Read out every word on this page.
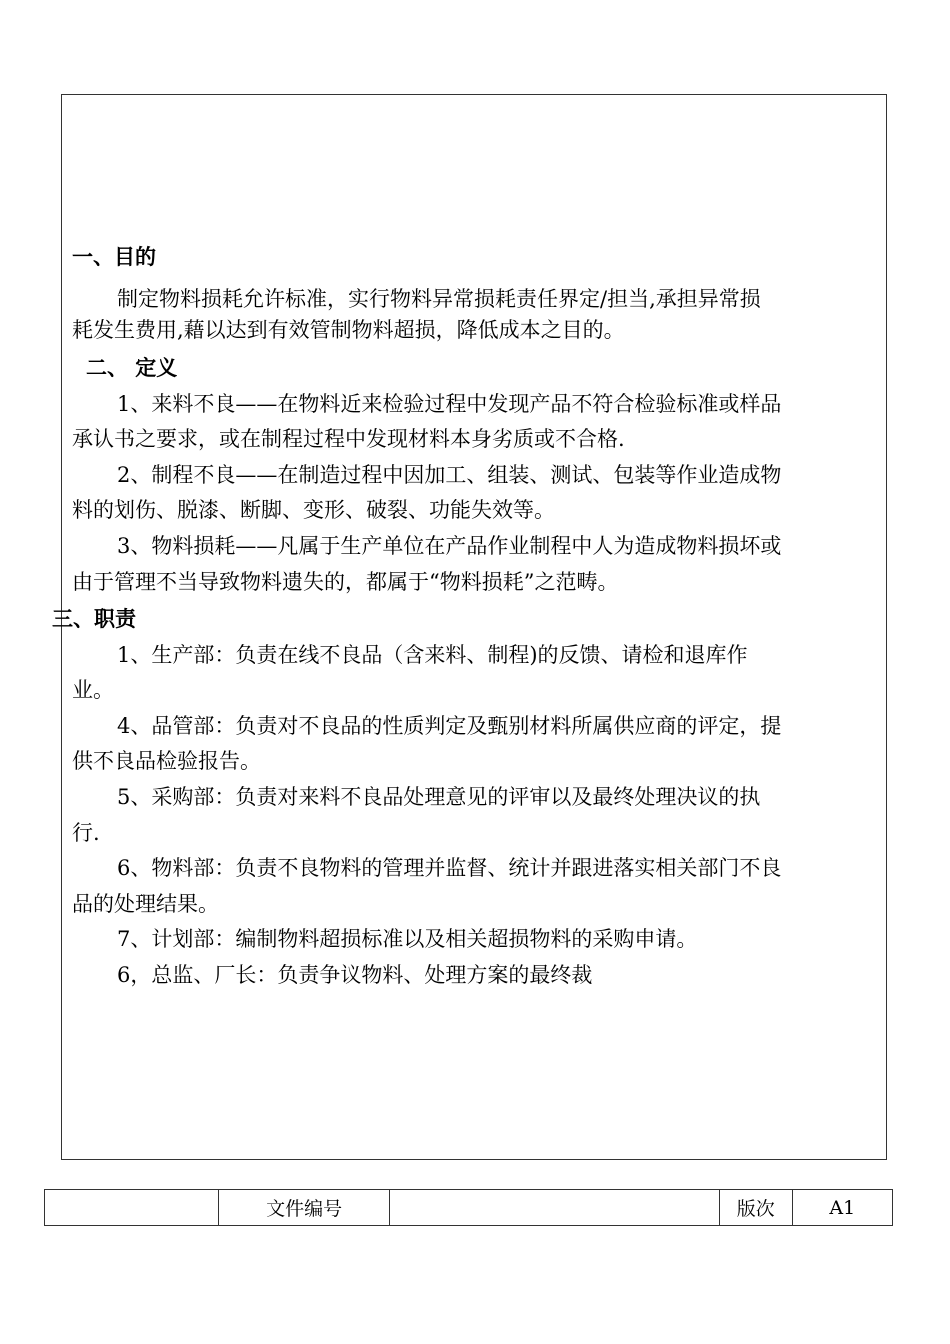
一、目的
制定物料损耗允许标准，实行物料异常损耗责任界定/担当,承担异常损
耗发生费用,藉以达到有效管制物料超损，降低成本之目的。
二、 定义
1、来料不良——在物料近来检验过程中发现产品不符合检验标准或样品
承认书之要求，或在制程过程中发现材料本身劣质或不合格.
2、制程不良——在制造过程中因加工、组装、测试、包装等作业造成物
料的划伤、脱漆、断脚、变形、破裂、功能失效等。
3、物料损耗——凡属于生产单位在产品作业制程中人为造成物料损坏或
由于管理不当导致物料遗失的，都属于“物料损耗”之范畴。
三、职责
1、生产部：负责在线不良品（含来料、制程)的反馈、请检和退库作
业。
4、品管部：负责对不良品的性质判定及甄别材料所属供应商的评定，提
供不良品检验报告。
5、采购部：负责对来料不良品处理意见的评审以及最终处理决议的执
行.
6、物料部：负责不良物料的管理并监督、统计并跟进落实相关部门不良
品的处理结果。
7、计划部：编制物料超损标准以及相关超损物料的采购申请。
6，总监、厂长：负责争议物料、处理方案的最终裁
	文件编号		版次	A1
